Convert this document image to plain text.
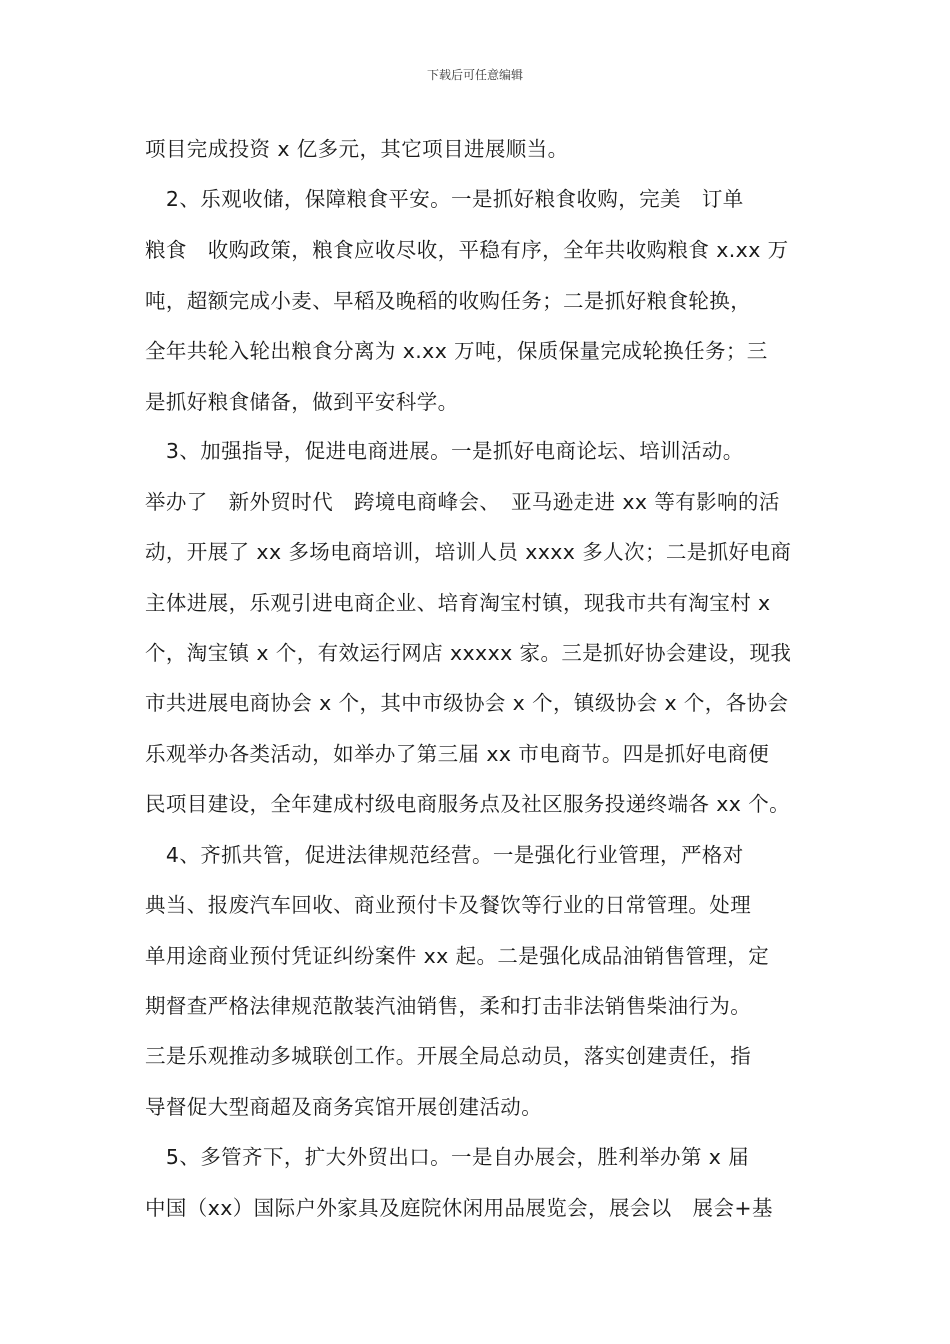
下载后可任意编辑
项目完成投资 x 亿多元，其它项目进展顺当。
　2、乐观收储，保障粮食平安。一是抓好粮食收购，完美　订单
粮食　收购政策，粮食应收尽收，平稳有序，全年共收购粮食 x.xx 万
吨，超额完成小麦、早稻及晚稻的收购任务；二是抓好粮食轮换，
全年共轮入轮出粮食分离为 x.xx 万吨，保质保量完成轮换任务；三
是抓好粮食储备，做到平安科学。
　3、加强指导，促进电商进展。一是抓好电商论坛、培训活动。
举办了　新外贸时代　跨境电商峰会、　亚马逊走进 xx 等有影响的活
动，开展了 xx 多场电商培训，培训人员 xxxx 多人次；二是抓好电商
主体进展，乐观引进电商企业、培育淘宝村镇，现我市共有淘宝村 x
个，淘宝镇 x 个，有效运行网店 xxxxx 家。三是抓好协会建设，现我
市共进展电商协会 x 个，其中市级协会 x 个，镇级协会 x 个，各协会
乐观举办各类活动，如举办了第三届 xx 市电商节。四是抓好电商便
民项目建设，全年建成村级电商服务点及社区服务投递终端各 xx 个。
　4、齐抓共管，促进法律规范经营。一是强化行业管理，严格对
典当、报废汽车回收、商业预付卡及餐饮等行业的日常管理。处理
单用途商业预付凭证纠纷案件 xx 起。二是强化成品油销售管理，定
期督查严格法律规范散装汽油销售，柔和打击非法销售柴油行为。
三是乐观推动多城联创工作。开展全局总动员，落实创建责任，指
导督促大型商超及商务宾馆开展创建活动。
　5、多管齐下，扩大外贸出口。一是自办展会，胜利举办第 x 届
中国（xx）国际户外家具及庭院休闲用品展览会，展会以　展会+基
